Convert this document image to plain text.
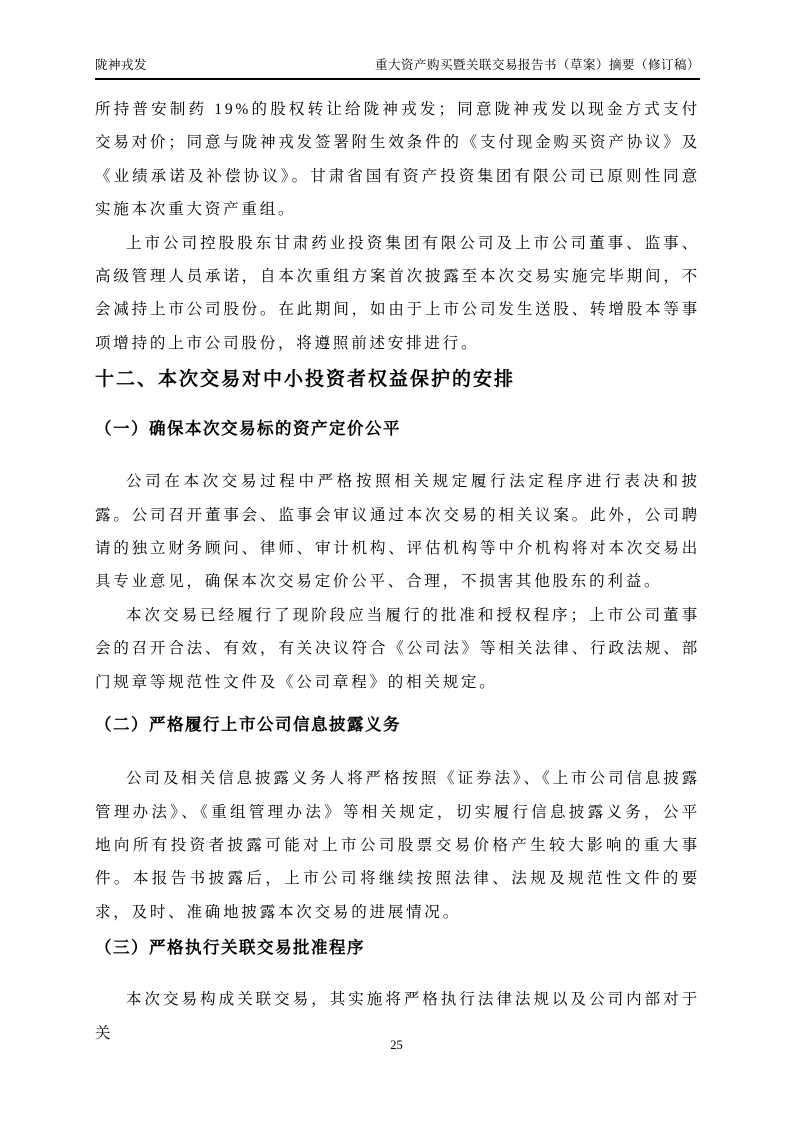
陇神戎发	重大资产购买暨关联交易报告书（草案）摘要（修订稿）

所持普安制药 19%的股权转让给陇神戎发；同意陇神戎发以现金方式支付交易对价；同意与陇神戎发签署附生效条件的《支付现金购买资产协议》及《业绩承诺及补偿协议》。甘肃省国有资产投资集团有限公司已原则性同意实施本次重大资产重组。

上市公司控股股东甘肃药业投资集团有限公司及上市公司董事、监事、高级管理人员承诺，自本次重组方案首次披露至本次交易实施完毕期间，不会减持上市公司股份。在此期间，如由于上市公司发生送股、转增股本等事项增持的上市公司股份，将遵照前述安排进行。

十二、本次交易对中小投资者权益保护的安排
（一）确保本次交易标的资产定价公平

公司在本次交易过程中严格按照相关规定履行法定程序进行表决和披露。公司召开董事会、监事会审议通过本次交易的相关议案。此外，公司聘请的独立财务顾问、律师、审计机构、评估机构等中介机构将对本次交易出具专业意见，确保本次交易定价公平、合理，不损害其他股东的利益。

本次交易已经履行了现阶段应当履行的批准和授权程序；上市公司董事会的召开合法、有效，有关决议符合《公司法》等相关法律、行政法规、部门规章等规范性文件及《公司章程》的相关规定。

（二）严格履行上市公司信息披露义务

公司及相关信息披露义务人将严格按照《证券法》、《上市公司信息披露管理办法》、《重组管理办法》等相关规定，切实履行信息披露义务，公平地向所有投资者披露可能对上市公司股票交易价格产生较大影响的重大事件。本报告书披露后，上市公司将继续按照法律、法规及规范性文件的要求，及时、准确地披露本次交易的进展情况。

（三）严格执行关联交易批准程序

本次交易构成关联交易，其实施将严格执行法律法规以及公司内部对于关

25
